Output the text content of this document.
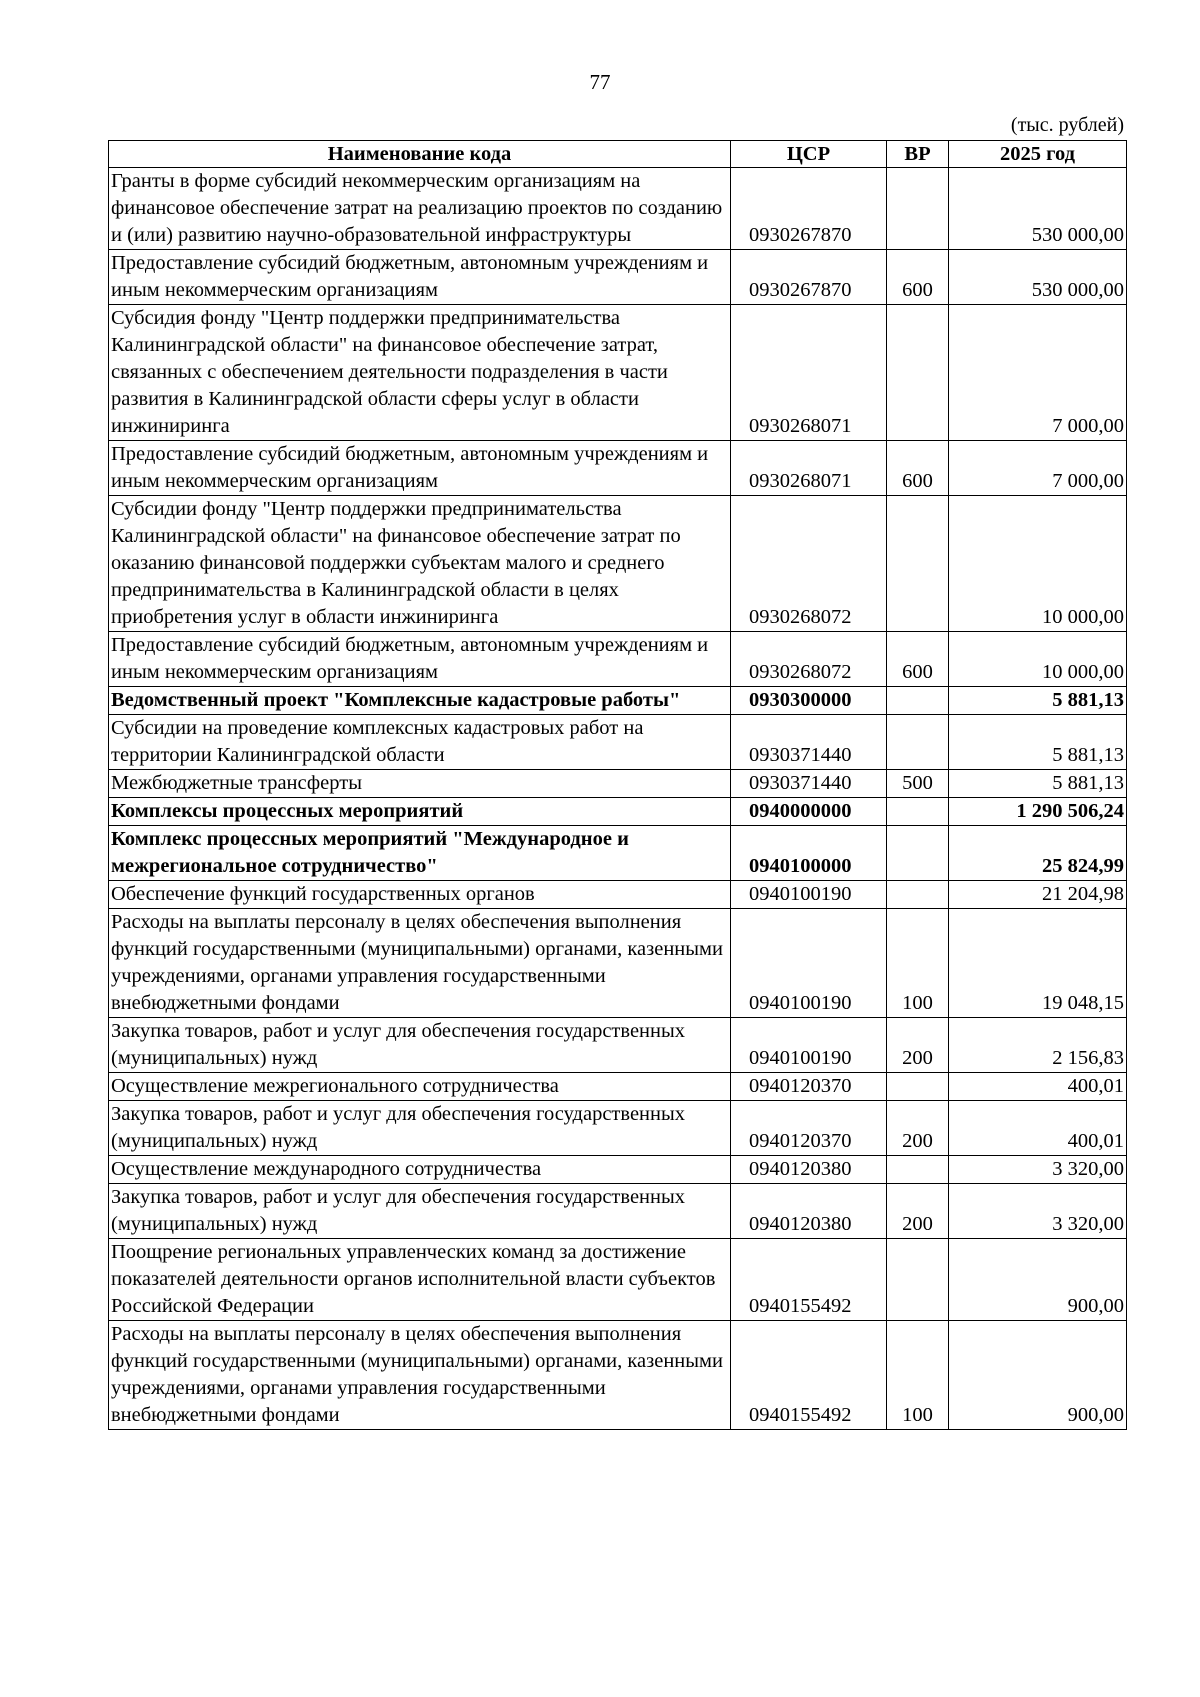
77
(тыс. рублей)
Наименование кода	ЦСР	ВР	2025 год
Гранты в форме субсидий некоммерческим организациям на финансовое обеспечение затрат на реализацию проектов по созданию и (или) развитию научно-образовательной инфраструктуры	0930267870		530 000,00
Предоставление субсидий бюджетным, автономным учреждениям и иным некоммерческим организациям	0930267870	600	530 000,00
Субсидия фонду "Центр поддержки предпринимательства Калининградской области" на финансовое обеспечение затрат, связанных с обеспечением деятельности подразделения в части развития в Калининградской области сферы услуг в области инжиниринга	0930268071		7 000,00
Предоставление субсидий бюджетным, автономным учреждениям и иным некоммерческим организациям	0930268071	600	7 000,00
Субсидии фонду "Центр поддержки предпринимательства Калининградской области" на финансовое обеспечение затрат по оказанию финансовой поддержки субъектам малого и среднего предпринимательства в Калининградской области в целях приобретения услуг в области инжиниринга	0930268072		10 000,00
Предоставление субсидий бюджетным, автономным учреждениям и иным некоммерческим организациям	0930268072	600	10 000,00
Ведомственный проект "Комплексные кадастровые работы"	0930300000		5 881,13
Субсидии на проведение комплексных кадастровых работ на территории Калининградской области	0930371440		5 881,13
Межбюджетные трансферты	0930371440	500	5 881,13
Комплексы процессных мероприятий	0940000000		1 290 506,24
Комплекс процессных мероприятий "Международное и межрегиональное сотрудничество"	0940100000		25 824,99
Обеспечение функций государственных органов	0940100190		21 204,98
Расходы на выплаты персоналу в целях обеспечения выполнения функций государственными (муниципальными) органами, казенными учреждениями, органами управления государственными внебюджетными фондами	0940100190	100	19 048,15
Закупка товаров, работ и услуг для обеспечения государственных (муниципальных) нужд	0940100190	200	2 156,83
Осуществление межрегионального сотрудничества	0940120370		400,01
Закупка товаров, работ и услуг для обеспечения государственных (муниципальных) нужд	0940120370	200	400,01
Осуществление международного сотрудничества	0940120380		3 320,00
Закупка товаров, работ и услуг для обеспечения государственных (муниципальных) нужд	0940120380	200	3 320,00
Поощрение региональных управленческих команд за достижение показателей деятельности органов исполнительной власти субъектов Российской Федерации	0940155492		900,00
Расходы на выплаты персоналу в целях обеспечения выполнения функций государственными (муниципальными) органами, казенными учреждениями, органами управления государственными внебюджетными фондами	0940155492	100	900,00
